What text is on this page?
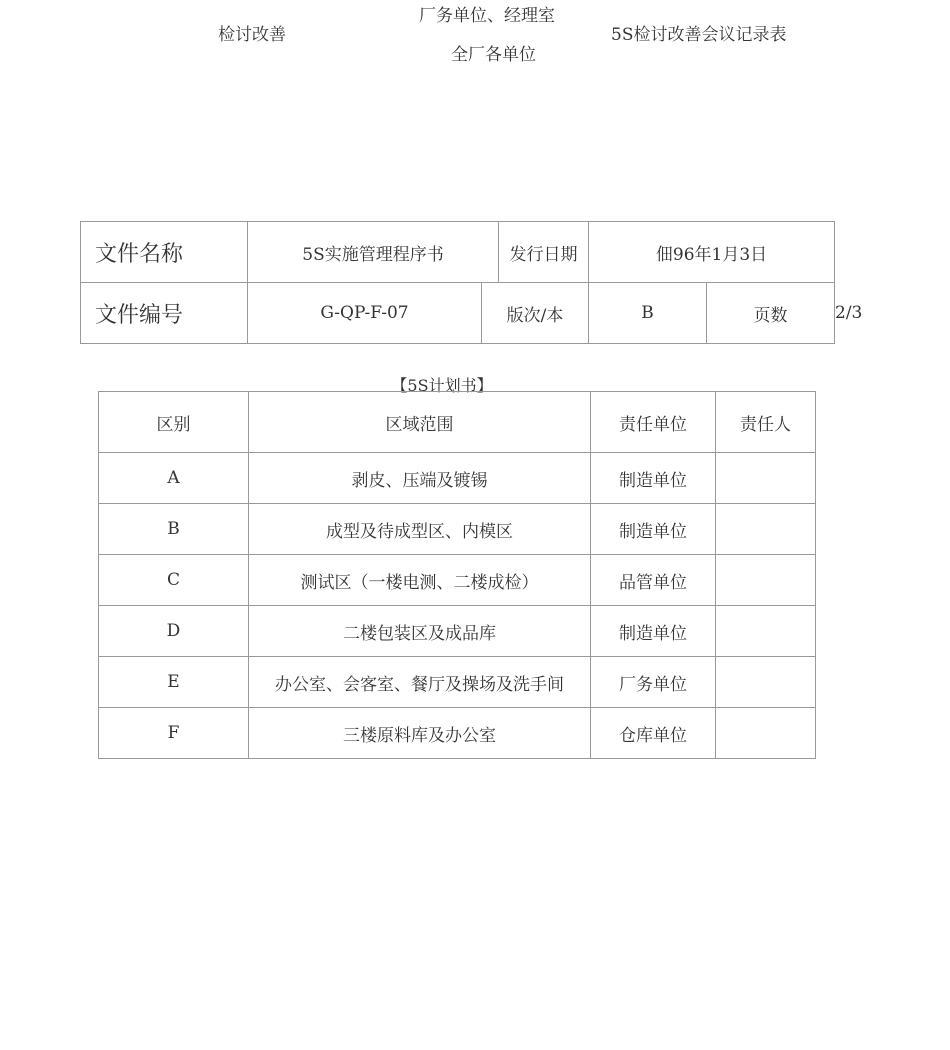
检讨改善
厂务单位、经理室
5S检讨改善会议记录表
全厂各单位
文件名称	5S实施管理程序书		发行日期	佃96年1月3日		
文件编号	G-QP-F-07	版次/本		B	页数	2/3
【5S计划书】
区别	区域范围	责任单位	责任人
A	剥皮、压端及镀锡	制造单位	
B	成型及待成型区、内模区	制造单位	
C	测试区（一楼电测、二楼成检）	品管单位	
D	二楼包装区及成品库	制造单位	
E	办公室、会客室、餐厅及操场及洗手间	厂务单位	
F	三楼原料库及办公室	仓库单位	
